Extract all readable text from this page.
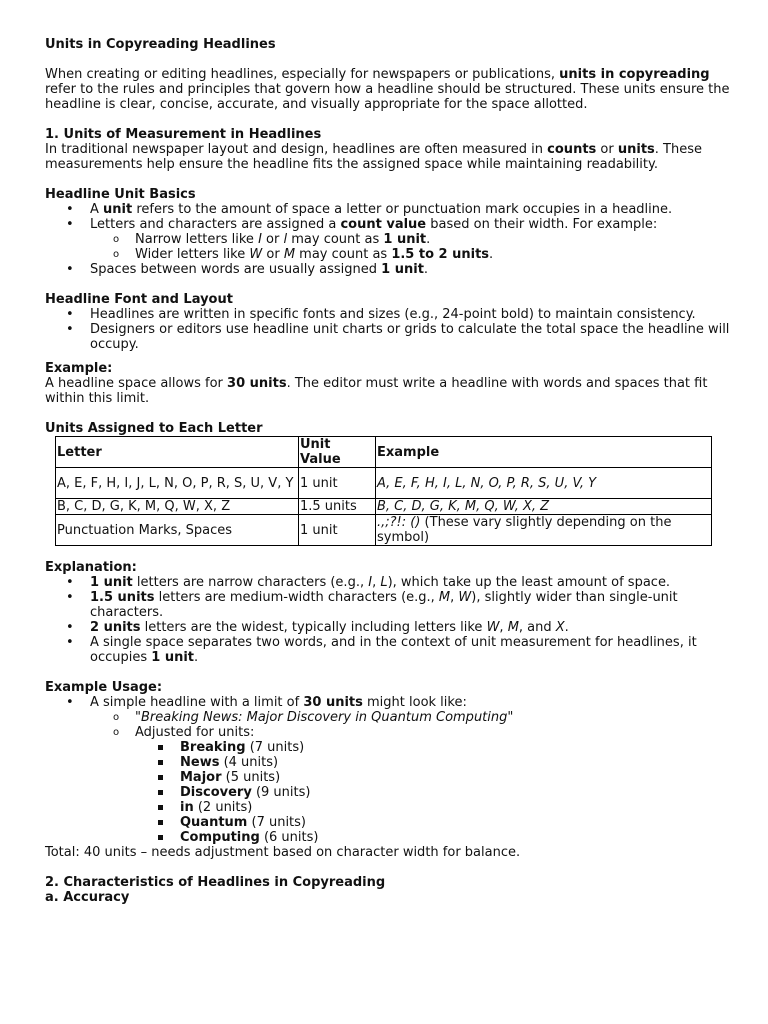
Units in Copyreading Headlines

When creating or editing headlines, especially for newspapers or publications, units in copyreading refer to the rules and principles that govern how a headline should be structured. These units ensure the headline is clear, concise, accurate, and visually appropriate for the space allotted.

1. Units of Measurement in Headlines

In traditional newspaper layout and design, headlines are often measured in counts or units. These measurements help ensure the headline fits the assigned space while maintaining readability.

Headline Unit Basics

• A unit refers to the amount of space a letter or punctuation mark occupies in a headline.
• Letters and characters are assigned a count value based on their width. For example:
o Narrow letters like I or l may count as 1 unit.
o Wider letters like W or M may count as 1.5 to 2 units.
• Spaces between words are usually assigned 1 unit.

Headline Font and Layout

• Headlines are written in specific fonts and sizes (e.g., 24-point bold) to maintain consistency.
• Designers or editors use headline unit charts or grids to calculate the total space the headline will occupy.

Example:

A headline space allows for 30 units. The editor must write a headline with words and spaces that fit within this limit.

Units Assigned to Each Letter

Letter	Unit Value	Example
A, E, F, H, I, J, L, N, O, P, R, S, U, V, Y	1 unit	A, E, F, H, I, L, N, O, P, R, S, U, V, Y
B, C, D, G, K, M, Q, W, X, Z	1.5 units	B, C, D, G, K, M, Q, W, X, Z
Punctuation Marks, Spaces	1 unit	.,;?!: () (These vary slightly depending on the symbol)

Explanation:

• 1 unit letters are narrow characters (e.g., I, L), which take up the least amount of space.
• 1.5 units letters are medium-width characters (e.g., M, W), slightly wider than single-unit characters.
• 2 units letters are the widest, typically including letters like W, M, and X.
• A single space separates two words, and in the context of unit measurement for headlines, it occupies 1 unit.

Example Usage:

• A simple headline with a limit of 30 units might look like:
o "Breaking News: Major Discovery in Quantum Computing"
o Adjusted for units:
Breaking (7 units)
News (4 units)
Major (5 units)
Discovery (9 units)
in (2 units)
Quantum (7 units)
Computing (6 units)

Total: 40 units – needs adjustment based on character width for balance.

2. Characteristics of Headlines in Copyreading

a. Accuracy
